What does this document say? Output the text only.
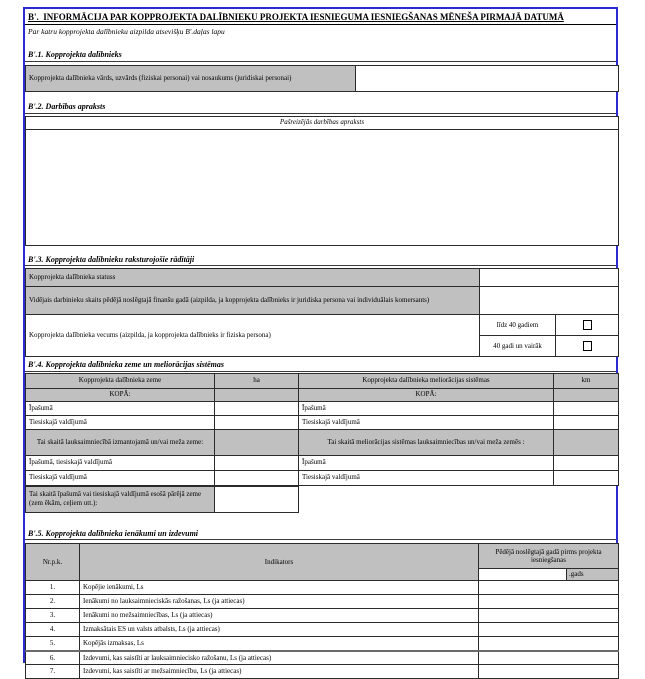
B'.  INFORMĀCIJA PAR KOPPROJEKTA DALĪBNIEKU PROJEKTA IESNIEGUMA IESNIEGŠANAS MĒNEŠA PIRMAJĀ DATUMĀ
Par katru kopprojekta dalībnieku aizpilda atsevišķu B'.daļas lapu
B'.1. Kopprojekta dalībnieks
Kopprojekta dalībnieka vārds, uzvārds (fiziskai personai) vai nosaukums (juridiskai personai)	
B'.2. Darbības apraksts
Pašreizējās darbības apraksts

B'.3. Kopprojekta dalībnieku raksturojošie rādītāji
Kopprojekta dalībnieka statuss		
Vidējais darbinieku skaits pēdējā noslēgtajā finanšu gadā (aizpilda, ja kopprojekta dalībnieks ir juridiska persona vai individuālais komersants)		
Kopprojekta dalībnieka vecums (aizpilda, ja kopprojekta dalībnieks ir fiziska persona)	līdz 40 gadiem	
	40 gadi un vairāk	
B'.4. Kopprojekta dalībnieka zeme un meliorācijas sistēmas
Kopprojekta dalībnieka zeme	ha	Kopprojekta dalībnieka meliorācijas sistēmas	km
KOPĀ:		KOPĀ:	
Īpašumā		Īpašumā	
Tiesiskajā valdījumā		Tiesiskajā valdījumā	
Tai skaitā lauksaimniecībā izmantojamā un/vai meža zeme:		Tai skaitā meliorācijas sistēmas lauksaimniecības un/vai meža zemēs :	
Īpašumā, tiesiskajā valdījumā		Īpašumā	
Tiesiskajā valdījumā		Tiesiskajā valdījumā	
Tai skaitā īpašumā vai tiesiskajā valdījumā esošā pārējā zeme (zem ēkām, ceļiem utt.):	
B'.5. Kopprojekta dalībnieka ienākumi un izdevumi
Nr.p.k.	Indikators	Pēdējā noslēgtajā gadā pirms projekta iesniegšanas	
			.gads
1.	Kopējie ienākumi, Ls		
2.	Ienākumi no lauksaimnieciskās ražošanas, Ls (ja attiecas)		
3.	Ienākumi no mežsaimniecības, Ls (ja attiecas)		
4.	Izmaksātais ES un valsts atbalsts, Ls (ja attiecas)		
5.	Kopējās izmaksas, Ls		
6.	Izdevumi, kas saistīti ar lauksaimniecisko ražošanu, Ls (ja attiecas)		
7.	Izdevumi, kas saistīti ar mežsaimniecību, Ls (ja attiecas)		
